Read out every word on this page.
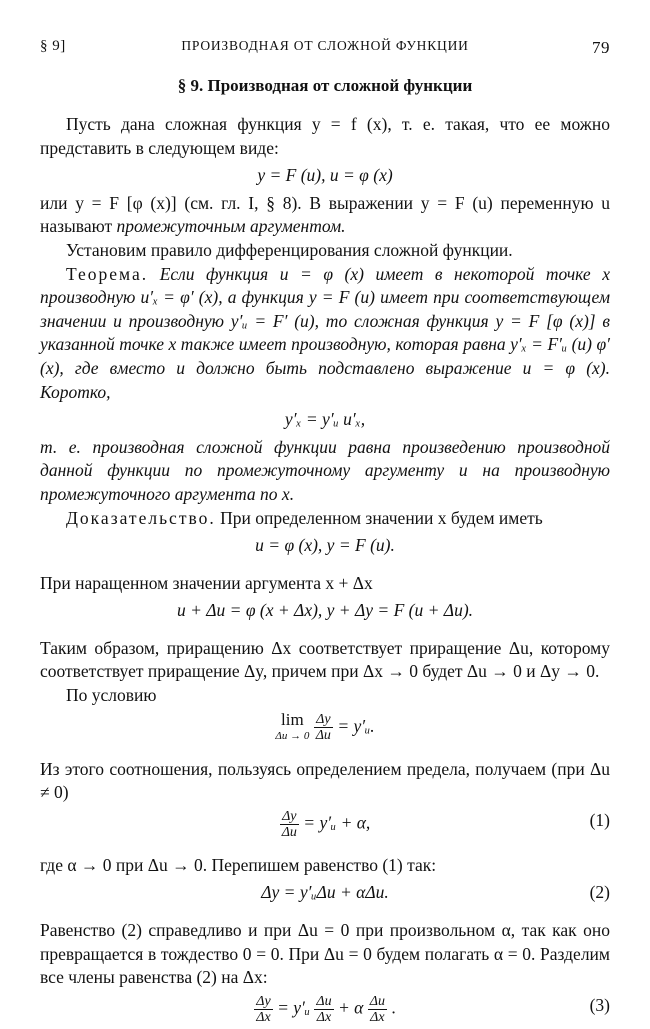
§ 9]	ПРОИЗВОДНАЯ ОТ СЛОЖНОЙ ФУНКЦИИ	79
§ 9. Производная от сложной функции

Пусть дана сложная функция y = f (x), т. е. такая, что ее можно представить в следующем виде:

y = F (u), u = φ (x)

или y = F [φ (x)] (см. гл. I, § 8). В выражении y = F (u) переменную u называют промежуточным аргументом.

Установим правило дифференцирования сложной функции.

Теорема. Если функция u = φ (x) имеет в некоторой точке x производную u′ₓ = φ′ (x), а функция y = F (u) имеет при соответствующем значении u производную y′ᵤ = F′ (u), то сложная функция y = F [φ (x)] в указанной точке x также имеет производную, которая равна y′ₓ = F′ᵤ (u) φ′ (x), где вместо u должно быть подставлено выражение u = φ (x). Коротко,

y′ₓ = y′ᵤ u′ₓ,

т. е. производная сложной функции равна произведению производной данной функции по промежуточному аргументу и на производную промежуточного аргумента по x.

Доказательство. При определенном значении x будем иметь

u = φ (x), y = F (u).

При наращенном значении аргумента x + Δx

u + Δu = φ (x + Δx), y + Δy = F (u + Δu).

Таким образом, приращению Δx соответствует приращение Δu, которому соответствует приращение Δy, причем при Δx → 0 будет Δu → 0 и Δy → 0.

По условию

lim
Δu → 0
$\frac{\Delta y}{\Delta u}$ = y′ᵤ.

Из этого соотношения, пользуясь определением предела, получаем (при Δu ≠ 0)

$\frac{\Delta y}{\Delta u}$ = y′ᵤ + α,	(1)

где α → 0 при Δu → 0. Перепишем равенство (1) так:

Δy = y′ᵤΔu + αΔu.	(2)

Равенство (2) справедливо и при Δu = 0 при произвольном α, так как оно превращается в тождество 0 = 0. При Δu = 0 будем полагать α = 0. Разделим все члены равенства (2) на Δx:

$\frac{\Delta y}{\Delta x}$ = y′ᵤ $\frac{\Delta u}{\Delta x} + \alpha \frac{\Delta u}{\Delta x}$ .	(3)
